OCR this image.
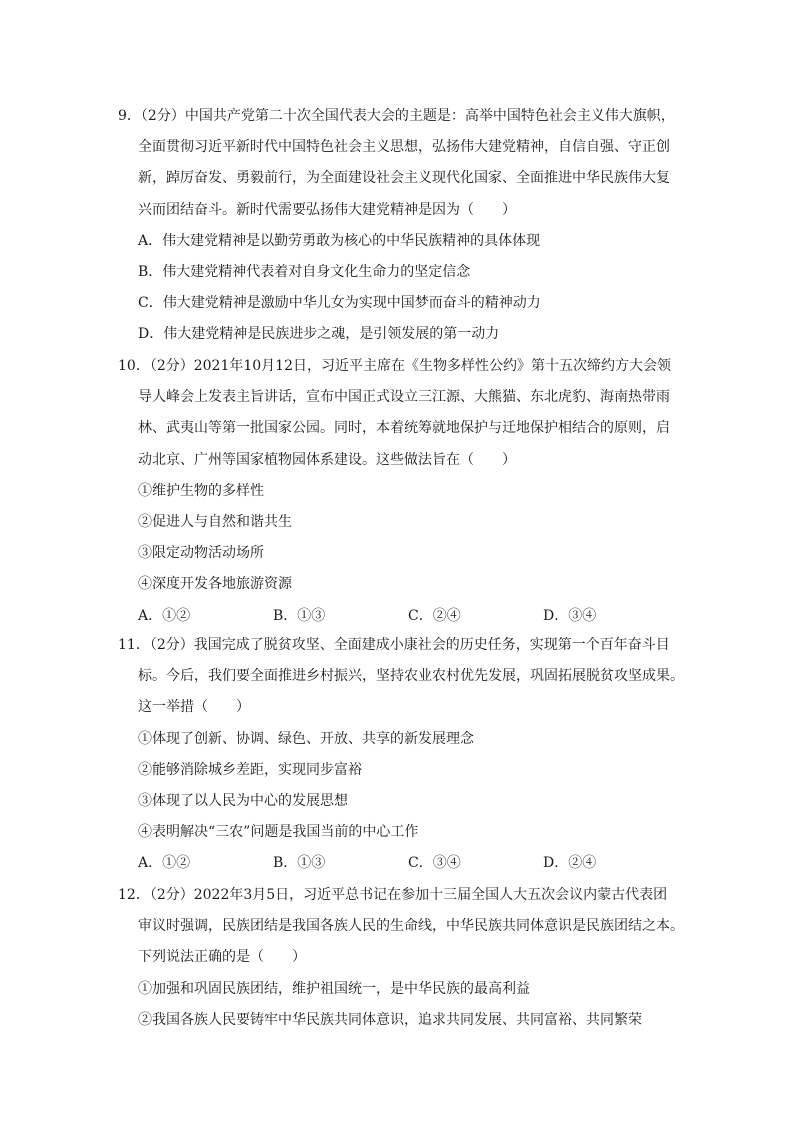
9．（2分）中国共产党第二十次全国代表大会的主题是：高举中国特色社会主义伟大旗帜，
全面贯彻习近平新时代中国特色社会主义思想，弘扬伟大建党精神，自信自强、守正创
新，踔厉奋发、勇毅前行，为全面建设社会主义现代化国家、全面推进中华民族伟大复
兴而团结奋斗。新时代需要弘扬伟大建党精神是因为（　　）
A．伟大建党精神是以勤劳勇敢为核心的中华民族精神的具体体现
B．伟大建党精神代表着对自身文化生命力的坚定信念
C．伟大建党精神是激励中华儿女为实现中国梦而奋斗的精神动力
D．伟大建党精神是民族进步之魂，是引领发展的第一动力
10．（2分）2021年10月12日，习近平主席在《生物多样性公约》第十五次缔约方大会领
导人峰会上发表主旨讲话，宣布中国正式设立三江源、大熊猫、东北虎豹、海南热带雨
林、武夷山等第一批国家公园。同时，本着统筹就地保护与迁地保护相结合的原则，启
动北京、广州等国家植物园体系建设。这些做法旨在（　　）
①维护生物的多样性
②促进人与自然和谐共生
③限定动物活动场所
④深度开发各地旅游资源
A．①②	B．①③	C．②④	D．③④
11．（2分）我国完成了脱贫攻坚、全面建成小康社会的历史任务，实现第一个百年奋斗目
标。今后，我们要全面推进乡村振兴，坚持农业农村优先发展，巩固拓展脱贫攻坚成果。
这一举措（　　）
①体现了创新、协调、绿色、开放、共享的新发展理念
②能够消除城乡差距，实现同步富裕
③体现了以人民为中心的发展思想
④表明解决“三农”问题是我国当前的中心工作
A．①②	B．①③	C．③④	D．②④
12．（2分）2022年3月5日，习近平总书记在参加十三届全国人大五次会议内蒙古代表团
审议时强调，民族团结是我国各族人民的生命线，中华民族共同体意识是民族团结之本。
下列说法正确的是（　　）
①加强和巩固民族团结，维护祖国统一，是中华民族的最高利益
②我国各族人民要铸牢中华民族共同体意识，追求共同发展、共同富裕、共同繁荣
